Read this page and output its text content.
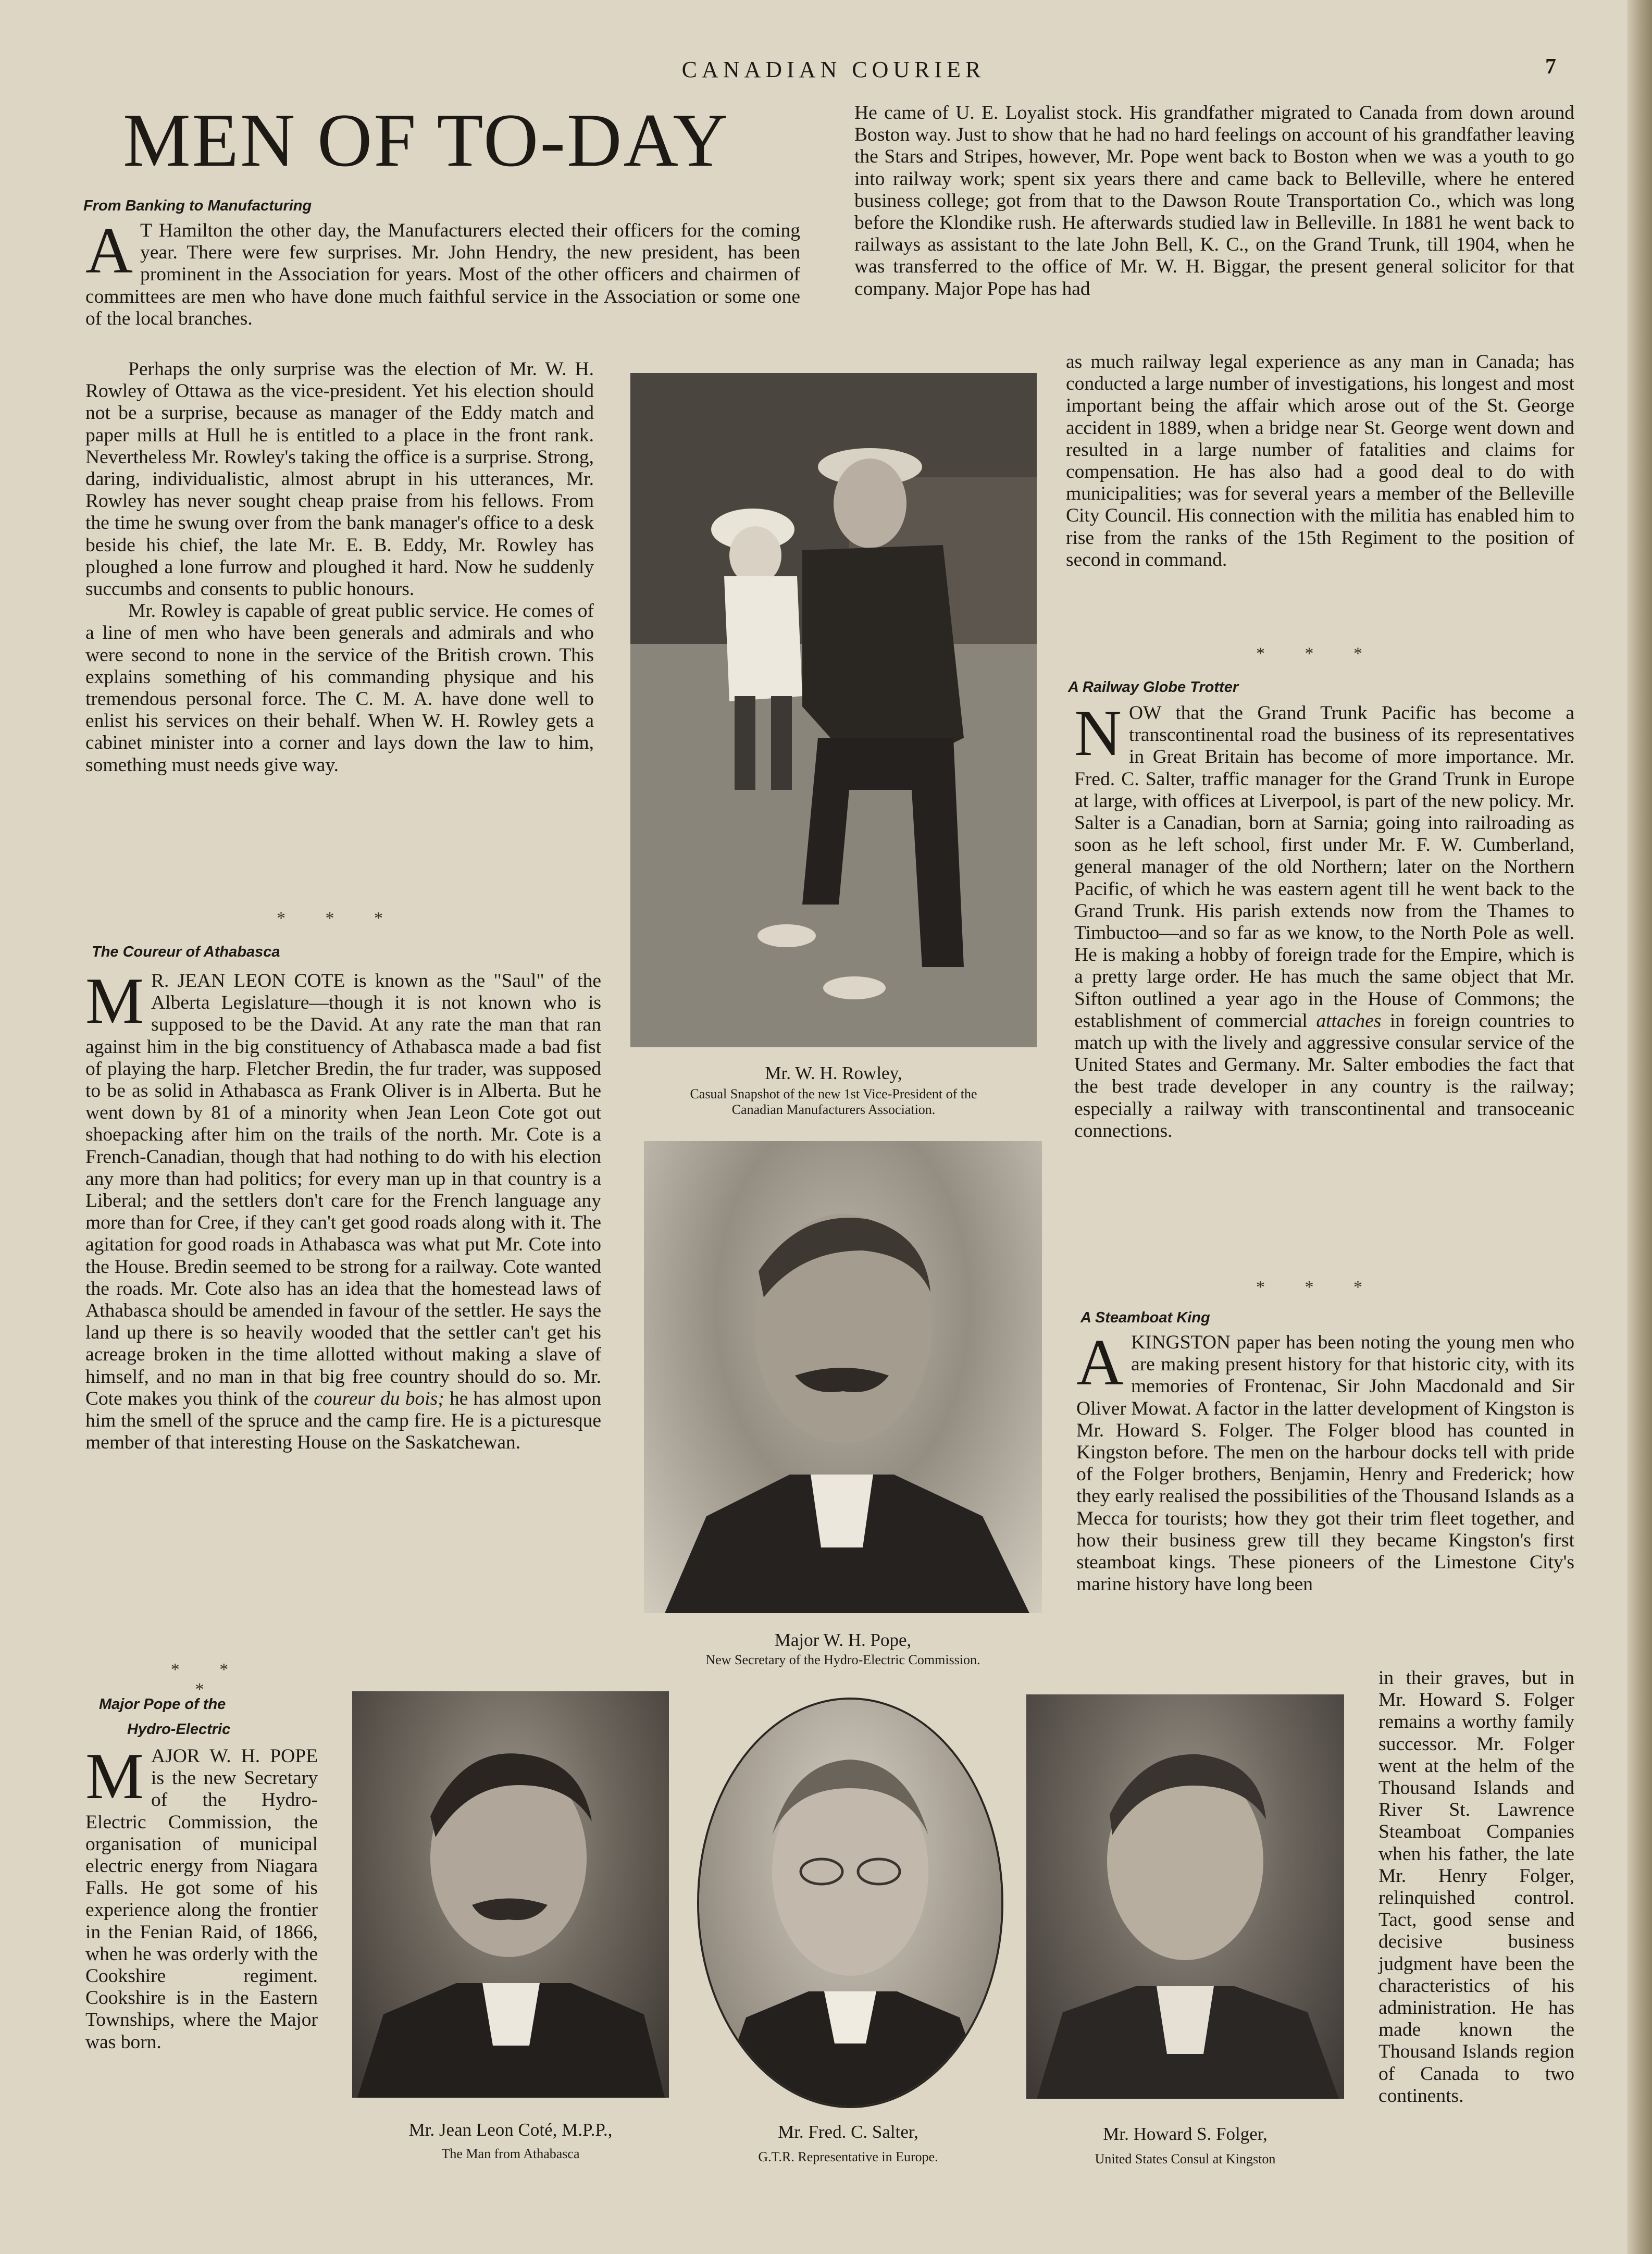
CANADIAN COURIER	7
MEN OF TO-DAY
From Banking to Manufacturing

A T Hamilton the other day, the Manufacturers elected their officers for the coming year. There were few surprises. Mr. John Hendry, the new president, has been prominent in the Association for years. Most of the other officers and chairmen of committees are men who have done much faithful service in the Association or some one of the local branches.

Perhaps the only surprise was the election of Mr. W. H. Rowley of Ottawa as the vice-president. Yet his election should not be a surprise, because as manager of the Eddy match and paper mills at Hull he is entitled to a place in the front rank. Nevertheless Mr. Rowley's taking the office is a surprise. Strong, daring, individualistic, almost abrupt in his utterances, Mr. Rowley has never sought cheap praise from his fellows. From the time he swung over from the bank manager's office to a desk beside his chief, the late Mr. E. B. Eddy, Mr. Rowley has ploughed a lone furrow and ploughed it hard. Now he suddenly succumbs and consents to public honours.

Mr. Rowley is capable of great public service. He comes of a line of men who have been generals and admirals and who were second to none in the service of the British crown. This explains something of his commanding physique and his tremendous personal force. The C. M. A. have done well to enlist his services on their behalf. When W. H. Rowley gets a cabinet minister into a corner and lays down the law to him, something must needs give way.

* * *
The Coureur of Athabasca

M R. JEAN LEON COTE is known as the "Saul" of the Alberta Legislature—though it is not known who is supposed to be the David. At any rate the man that ran against him in the big constituency of Athabasca made a bad fist of playing the harp. Fletcher Bredin, the fur trader, was supposed to be as solid in Athabasca as Frank Oliver is in Alberta. But he went down by 81 of a minority when Jean Leon Cote got out shoepacking after him on the trails of the north. Mr. Cote is a French-Canadian, though that had nothing to do with his election any more than had politics; for every man up in that country is a Liberal; and the settlers don't care for the French language any more than for Cree, if they can't get good roads along with it. The agitation for good roads in Athabasca was what put Mr. Cote into the House. Bredin seemed to be strong for a railway. Cote wanted the roads. Mr. Cote also has an idea that the homestead laws of Athabasca should be amended in favour of the settler. He says the land up there is so heavily wooded that the settler can't get his acreage broken in the time allotted without making a slave of himself, and no man in that big free country should do so. Mr. Cote makes you think of the coureur du bois; he has almost upon him the smell of the spruce and the camp fire. He is a picturesque member of that interesting House on the Saskatchewan.

* * *
Major Pope of the
Hydro-Electric

MAJOR W. H. POPE is the new Secretary of the Hydro-Electric Commission, the organisation of municipal electric energy from Niagara Falls. He got some of his experience along the frontier in the Fenian Raid, of 1866, when he was orderly with the Cookshire regiment. Cookshire is in the Eastern Townships, where the Major was born.

He came of U. E. Loyalist stock. His grandfather migrated to Canada from down around Boston way. Just to show that he had no hard feelings on account of his grandfather leaving the Stars and Stripes, however, Mr. Pope went back to Boston when we was a youth to go into railway work; spent six years there and came back to Belleville, where he entered business college; got from that to the Dawson Route Transportation Co., which was long before the Klondike rush. He afterwards studied law in Belleville. In 1881 he went back to railways as assistant to the late John Bell, K. C., on the Grand Trunk, till 1904, when he was transferred to the office of Mr. W. H. Biggar, the present general solicitor for that company. Major Pope has had

as much railway legal experience as any man in Canada; has conducted a large number of investigations, his longest and most important being the affair which arose out of the St. George accident in 1889, when a bridge near St. George went down and resulted in a large number of fatalities and claims for compensation. He has also had a good deal to do with municipalities; was for several years a member of the Belleville City Council. His connection with the militia has enabled him to rise from the ranks of the 15th Regiment to the position of second in command.

* * *
A Railway Globe Trotter

NOW that the Grand Trunk Pacific has become a transcontinental road the business of its representatives in Great Britain has become of more importance. Mr. Fred. C. Salter, traffic manager for the Grand Trunk in Europe at large, with offices at Liverpool, is part of the new policy. Mr. Salter is a Canadian, born at Sarnia; going into railroading as soon as he left school, first under Mr. F. W. Cumberland, general manager of the old Northern; later on the Northern Pacific, of which he was eastern agent till he went back to the Grand Trunk. His parish extends now from the Thames to Timbuctoo—and so far as we know, to the North Pole as well. He is making a hobby of foreign trade for the Empire, which is a pretty large order. He has much the same object that Mr. Sifton outlined a year ago in the House of Commons; the establishment of commercial attaches in foreign countries to match up with the lively and aggressive consular service of the United States and Germany. Mr. Salter embodies the fact that the best trade developer in any country is the railway; especially a railway with transcontinental and transoceanic connections.

* * *
A Steamboat King

AKINGSTON paper has been noting the young men who are making present history for that historic city, with its memories of Frontenac, Sir John Macdonald and Sir Oliver Mowat. A factor in the latter development of Kingston is Mr. Howard S. Folger. The Folger blood has counted in Kingston before. The men on the harbour docks tell with pride of the Folger brothers, Benjamin, Henry and Frederick; how they early realised the possibilities of the Thousand Islands as a Mecca for tourists; how they got their trim fleet together, and how their business grew till they became Kingston's first steamboat kings. These pioneers of the Limestone City's marine history have long been

in their graves, but in Mr. Howard S. Folger remains a worthy family successor. Mr. Folger went at the helm of the Thousand Islands and River St. Lawrence Steamboat Companies when his father, the late Mr. Henry Folger, relinquished control. Tact, good sense and decisive business judgment have been the characteristics of his administration. He has made known the Thousand Islands region of Canada to two continents.

Mr. W. H. Rowley,
Casual Snapshot of the new 1st Vice-President of the
Canadian Manufacturers Association.
Major W. H. Pope,
New Secretary of the Hydro-Electric Commission.
Mr. Jean Leon Coté, M.P.P.,
The Man from Athabasca
Mr. Fred. C. Salter,
G.T.R. Representative in Europe.
Mr. Howard S. Folger,
United States Consul at Kingston
